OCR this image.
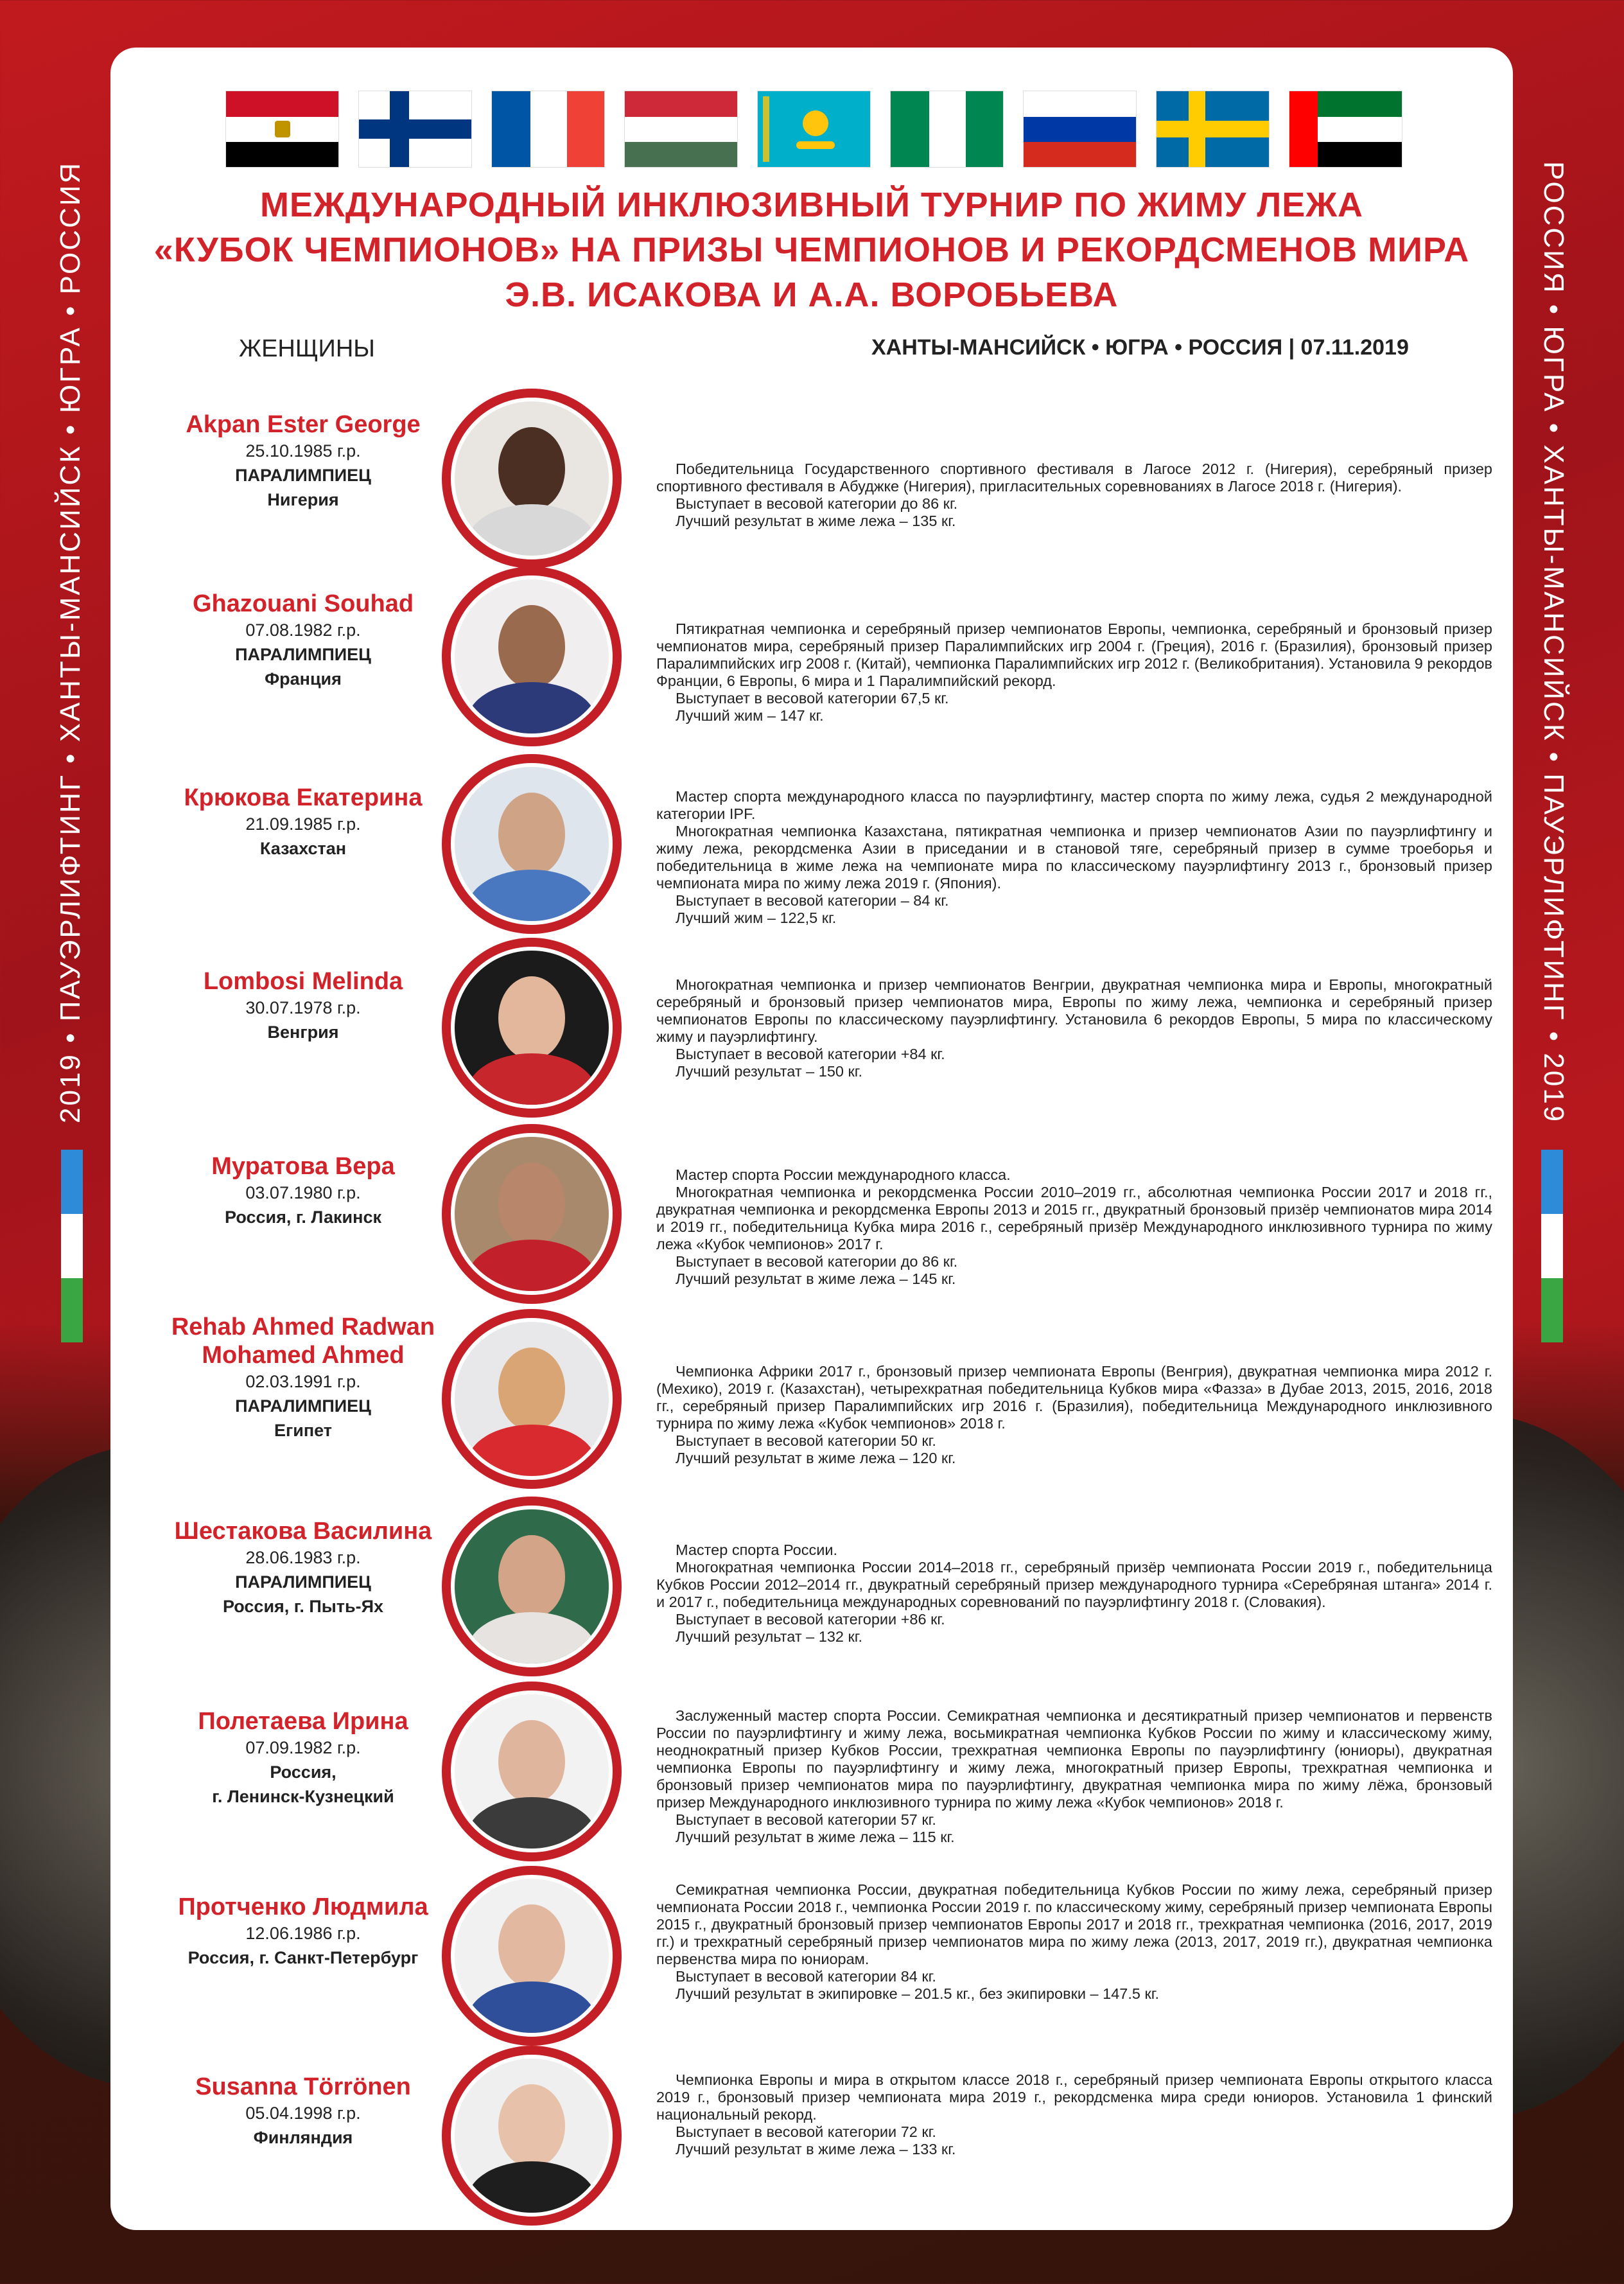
2019 • ПАУЭРЛИФТИНГ • ХАНТЫ-МАНСИЙСК • ЮГРА • РОССИЯ	РОССИЯ • ЮГРА • ХАНТЫ-МАНСИЙСК • ПАУЭРЛИФТИНГ • 2019
МЕЖДУНАРОДНЫЙ ИНКЛЮЗИВНЫЙ ТУРНИР ПО ЖИМУ ЛЕЖА
«КУБОК ЧЕМПИОНОВ» НА ПРИЗЫ ЧЕМПИОНОВ И РЕКОРДСМЕНОВ МИРА
Э.В. ИСАКОВА И А.А. ВОРОБЬЕВА
ЖЕНЩИНЫ	ХАНТЫ-МАНСИЙСК • ЮГРА • РОССИЯ | 07.11.2019
Akpan Ester George
25.10.1985 г.р.
ПАРАЛИМПИЕЦ
Нигерия

Победительница Государственного спортивного фестиваля в Лагосе 2012 г. (Нигерия), серебряный призер спортивного фестиваля в Абуджке (Нигерия), пригласительных соревнованиях в Лагосе 2018 г. (Нигерия).

Выступает в весовой категории до 86 кг.

Лучший результат в жиме лежа – 135 кг.

Ghazouani Souhad
07.08.1982 г.р.
ПАРАЛИМПИЕЦ
Франция

Пятикратная чемпионка и серебряный призер чемпионатов Европы, чемпионка, серебряный и бронзовый призер чемпионатов мира, серебряный призер Паралимпийских игр 2004 г. (Греция), 2016 г. (Бразилия), бронзовый призер Паралимпийских игр 2008 г. (Китай), чемпионка Паралимпийских игр 2012 г. (Великобритания). Установила 9 рекордов Франции, 6 Европы, 6 мира и 1 Паралимпийский рекорд.

Выступает в весовой категории 67,5 кг.

Лучший жим – 147 кг.

Крюкова Екатерина
21.09.1985 г.р.
Казахстан

Мастер спорта международного класса по пауэрлифтингу, мастер спорта по жиму лежа, судья 2 международной категории IPF.

Многократная чемпионка Казахстана, пятикратная чемпионка и призер чемпионатов Азии по пауэрлифтингу и жиму лежа, рекордсменка Азии в приседании и в становой тяге, серебряный призер в сумме троеборья и победительница в жиме лежа на чемпионате мира по классическому пауэрлифтингу 2013 г., бронзовый призер чемпионата мира по жиму лежа 2019 г. (Япония).

Выступает в весовой категории – 84 кг.

Лучший жим – 122,5 кг.

Lombosi Melinda
30.07.1978 г.р.
Венгрия

Многократная чемпионка и призер чемпионатов Венгрии, двукратная чемпионка мира и Европы, многократный серебряный и бронзовый призер чемпионатов мира, Европы по жиму лежа, чемпионка и серебряный призер чемпионатов Европы по классическому пауэрлифтингу. Установила 6 рекордов Европы, 5 мира по классическому жиму и пауэрлифтингу.

Выступает в весовой категории +84 кг.

Лучший результат – 150 кг.

Муратова Вера
03.07.1980 г.р.
Россия, г. Лакинск

Мастер спорта России международного класса.

Многократная чемпионка и рекордсменка России 2010–2019 гг., абсолютная чемпионка России 2017 и 2018 гг., двукратная чемпионка и рекордсменка Европы 2013 и 2015 гг., двукратный бронзовый призёр чемпионатов мира 2014 и 2019 гг., победительница Кубка мира 2016 г., серебряный призёр Международного инклюзивного турнира по жиму лежа «Кубок чемпионов» 2017 г.

Выступает в весовой категории до 86 кг.

Лучший результат в жиме лежа – 145 кг.

Rehab Ahmed Radwan Mohamed Ahmed
02.03.1991 г.р.
ПАРАЛИМПИЕЦ
Египет

Чемпионка Африки 2017 г., бронзовый призер чемпионата Европы (Венгрия), двукратная чемпионка мира 2012 г. (Мехико), 2019 г. (Казахстан), четырехкратная победительница Кубков мира «Фазза» в Дубае 2013, 2015, 2016, 2018 гг., серебряный призер Паралимпийских игр 2016 г. (Бразилия), победительница Международного инклюзивного турнира по жиму лежа «Кубок чемпионов» 2018 г.

Выступает в весовой категории 50 кг.

Лучший результат в жиме лежа – 120 кг.

Шестакова Василина
28.06.1983 г.р.
ПАРАЛИМПИЕЦ
Россия, г. Пыть-Ях

Мастер спорта России.

Многократная чемпионка России 2014–2018 гг., серебряный призёр чемпионата России 2019 г., победительница Кубков России 2012–2014 гг., двукратный серебряный призер международного турнира «Серебряная штанга» 2014 г. и 2017 г., победительница международных соревнований по пауэрлифтингу 2018 г. (Словакия).

Выступает в весовой категории +86 кг.

Лучший результат – 132 кг.

Полетаева Ирина
07.09.1982 г.р.
Россия,
г. Ленинск-Кузнецкий

Заслуженный мастер спорта России. Семикратная чемпионка и десятикратный призер чемпионатов и первенств России по пауэрлифтингу и жиму лежа, восьмикратная чемпионка Кубков России по жиму и классическому жиму, неоднократный призер Кубков России, трехкратная чемпионка Европы по пауэрлифтингу (юниоры), двукратная чемпионка Европы по пауэрлифтингу и жиму лежа, многократный призер Европы, трехкратная чемпионка и бронзовый призер чемпионатов мира по пауэрлифтингу, двукратная чемпионка мира по жиму лёжа, бронзовый призер Международного инклюзивного турнира по жиму лежа «Кубок чемпионов» 2018 г.

Выступает в весовой категории 57 кг.

Лучший результат в жиме лежа – 115 кг.

Протченко Людмила
12.06.1986 г.р.
Россия, г. Санкт-Петербург

Семикратная чемпионка России, двукратная победительница Кубков России по жиму лежа, серебряный призер чемпионата России 2018 г., чемпионка России 2019 г. по классическому жиму, серебряный призер чемпионата Европы 2015 г., двукратный бронзовый призер чемпионатов Европы 2017 и 2018 гг., трехкратная чемпионка (2016, 2017, 2019 гг.) и трехкратный серебряный призер чемпионатов мира по жиму лежа (2013, 2017, 2019 гг.), двукратная чемпионка первенства мира по юниорам.

Выступает в весовой категории 84 кг.

Лучший результат в экипировке – 201.5 кг., без экипировки – 147.5 кг.

Susanna Törrönen
05.04.1998 г.р.
Финляндия

Чемпионка Европы и мира в открытом классе 2018 г., серебряный призер чемпионата Европы открытого класса 2019 г., бронзовый призер чемпионата мира 2019 г., рекордсменка мира среди юниоров. Установила 1 финский национальный рекорд.

Выступает в весовой категории 72 кг.

Лучший результат в жиме лежа – 133 кг.
